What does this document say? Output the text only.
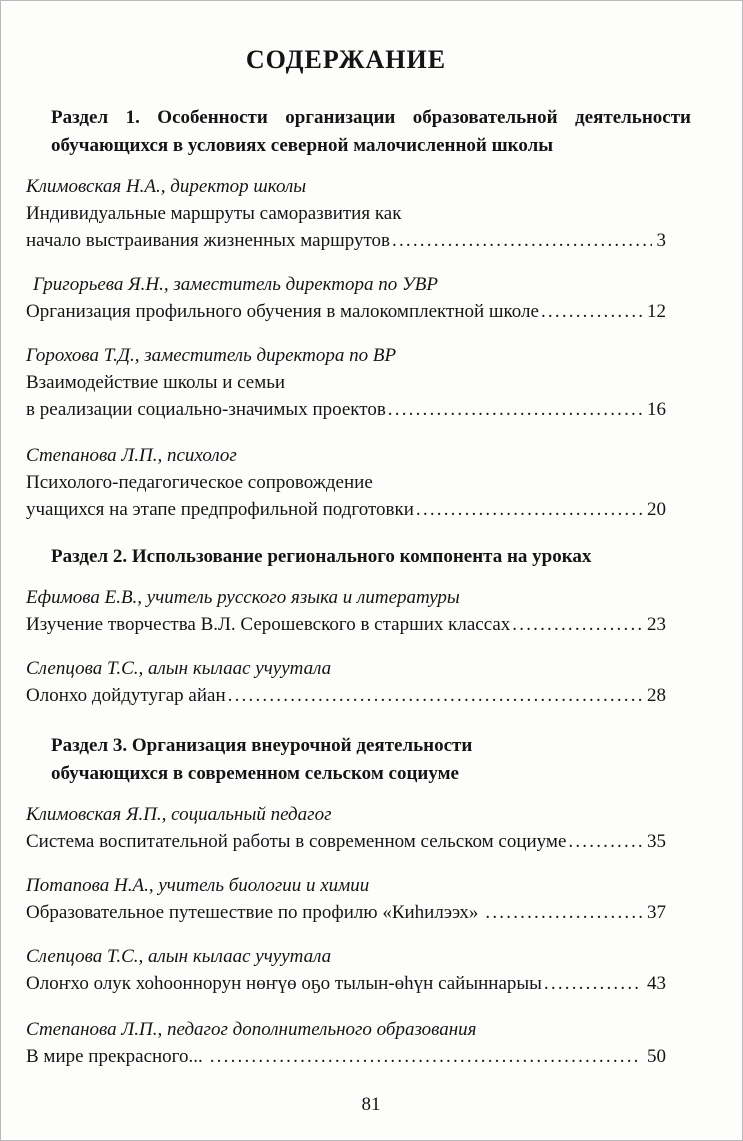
СОДЕРЖАНИЕ
Раздел 1. Особенности организации образовательной деятельности
обучающихся в условиях северной малочисленной школы
Климовская Н.А., директор школы
Индивидуальные маршруты саморазвития как
начало выстраивания жизненных маршрутов .....	3
Григорьева Я.Н., заместитель директора по УВР
Организация профильного обучения в малокомплектной школе .....	12
Горохова Т.Д., заместитель директора по ВР
Взаимодействие школы и семьи
в реализации социально-значимых проектов .....	16
Степанова Л.П., психолог
Психолого-педагогическое сопровождение
учащихся на этапе предпрофильной подготовки .....	20
Раздел 2. Использование регионального компонента на уроках
Ефимова Е.В., учитель русского языка и литературы
Изучение творчества В.Л. Серошевского в старших классах .....	23
Слепцова Т.С., алын кылаас учуутала
Олонхо дойдутугар айан .....	28
Раздел 3. Организация внеурочной деятельности
обучающихся в современном сельском социуме
Климовская Я.П., социальный педагог
Система воспитательной работы в современном сельском социуме .....	35
Потапова Н.А., учитель биологии и химии
Образовательное путешествие по профилю «Киһилээх» .....	37
Слепцова Т.С., алын кылаас учуутала
Олоҥхо олук хоһооннорун нөҥүө оҕо тылын-өһүн сайыннарыы .....	43
Степанова Л.П., педагог дополнительного образования
В мире прекрасного... .....	50
81
